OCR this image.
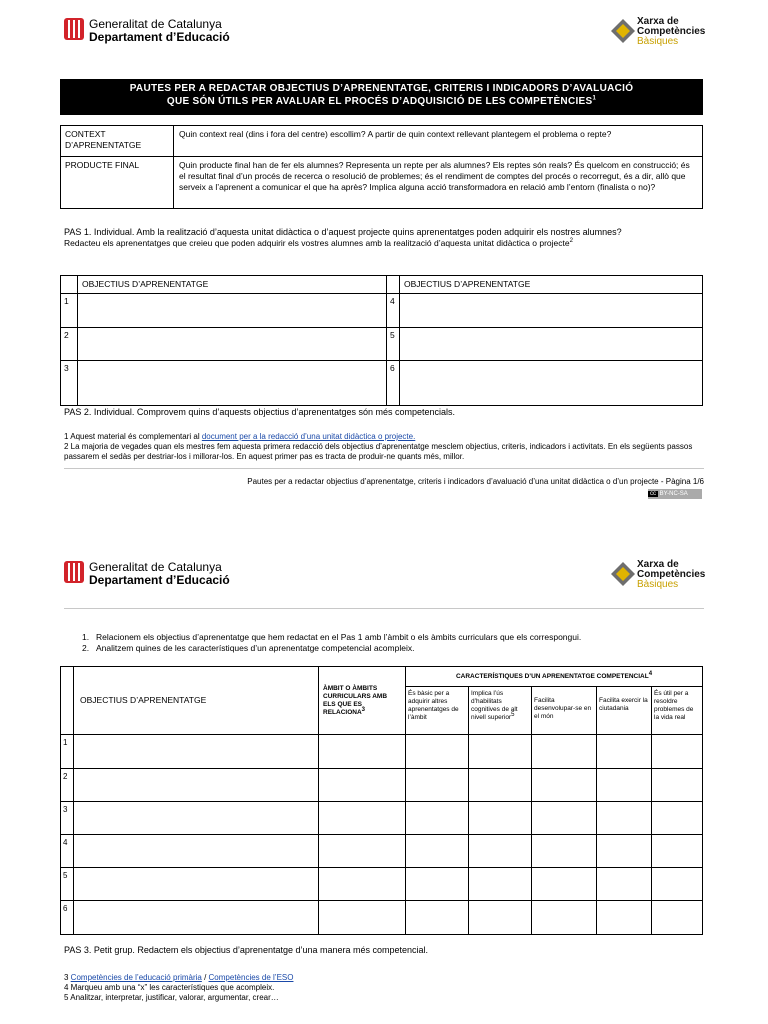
Generalitat de Catalunya
Departament d’Educació
Xarxa de
Competències
Bàsiques
PAUTES PER A REDACTAR OBJECTIUS D’APRENENTATGE, CRITERIS I INDICADORS D’AVALUACIÓ
QUE SÓN ÚTILS PER AVALUAR EL PROCÉS D’ADQUISICIÓ DE LES COMPETÈNCIES$^1$
CONTEXT D’APRENENTATGE	Quin context real (dins i fora del centre) escollim? A partir de quin context rellevant plantegem el problema o repte?
PRODUCTE FINAL	Quin producte final han de fer els alumnes? Representa un repte per als alumnes? Els reptes són reals? És quelcom en construcció; és el resultat final d’un procés de recerca o resolució de problemes; és el rendiment de comptes del procés o recorregut, és a dir, allò que serveix a l’aprenent a comunicar el que ha après? Implica alguna acció transformadora en relació amb l’entorn (finalista o no)?
PAS 1. Individual. Amb la realització d’aquesta unitat didàctica o d’aquest projecte quins aprenentatges poden adquirir els nostres alumnes?
Redacteu els aprenentatges que creieu que poden adquirir els vostres alumnes amb la realització d’aquesta unitat didàctica o projecte$^2$
	OBJECTIUS D’APRENENTATGE		OBJECTIUS D’APRENENTATGE
1		4	
2		5	
3		6	
PAS 2. Individual. Comprovem quins d’aquests objectius d’aprenentatges són més competencials.
1 Aquest material és complementari al document per a la redacció d’una unitat didàctica o projecte.
2 La majoria de vegades quan els mestres fem aquesta primera redacció dels objectius d’aprenentatge mesclem objectius, criteris, indicadors i activitats. En els següents passos passarem el sedàs per destriar-los i millorar-los. En aquest primer pas es tracta de produir-ne quants més, millor.
Pautes per a redactar objectius d’aprenentatge, criteris i indicadors d’avaluació d’una unitat didàctica o d’un projecte - Pàgina 1/6
cc BY-NC-SA
Generalitat de Catalunya
Departament d’Educació
Xarxa de
Competències
Bàsiques
1. Relacionem els objectius d’aprenentatge que hem redactat en el Pas 1 amb l’àmbit o els àmbits curriculars que els correspongui.
2. Analitzem quines de les característiques d’un aprenentatge competencial acompleix.
	OBJECTIUS D’APRENENTATGE	ÀMBIT O ÀMBITS CURRICULARS AMB ELS QUE ES RELACIONA$^3$	CARACTERÍSTIQUES D’UN APRENENTATGE COMPETENCIAL$^4$
			És bàsic per a adquirir altres aprenentatges de l’àmbit	Implica l’ús d’habilitats cognitives de alt nivell superior$^5$	Facilita desenvolupar-se en el món	Facilita exercir la ciutadania	És útil per a resoldre problemes de la vida real
1							
2							
3							
4							
5							
6							
PAS 3. Petit grup. Redactem els objectius d’aprenentatge d’una manera més competencial.
3 Competències de l’educació primària / Competències de l’ESO
4 Marqueu amb una “x” les característiques que acompleix.
5 Analitzar, interpretar, justificar, valorar, argumentar, crear…
